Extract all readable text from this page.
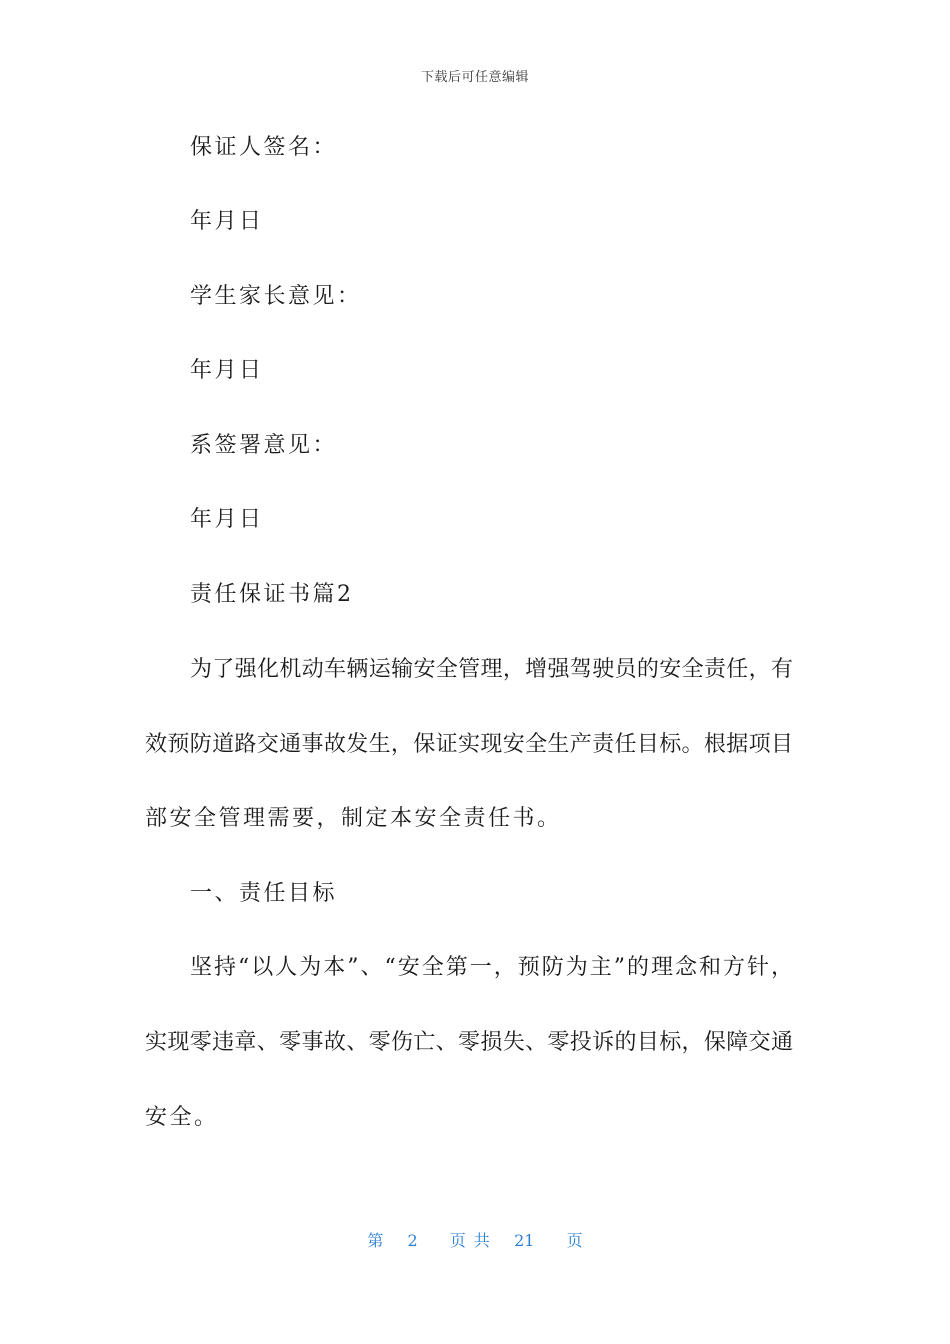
下载后可任意编辑
保证人签名：
年月日
学生家长意见：
年月日
系签署意见：
年月日
责任保证书篇2
为了强化机动车辆运输安全管理，增强驾驶员的安全责任，有
效预防道路交通事故发生，保证实现安全生产责任目标。根据项目
部安全管理需要，制定本安全责任书。
一、责任目标
坚持“以人为本”、“安全第一，预防为主”的理念和方针，
实现零违章、零事故、零伤亡、零损失、零投诉的目标，保障交通
安全。
第 2 页共 21 页
